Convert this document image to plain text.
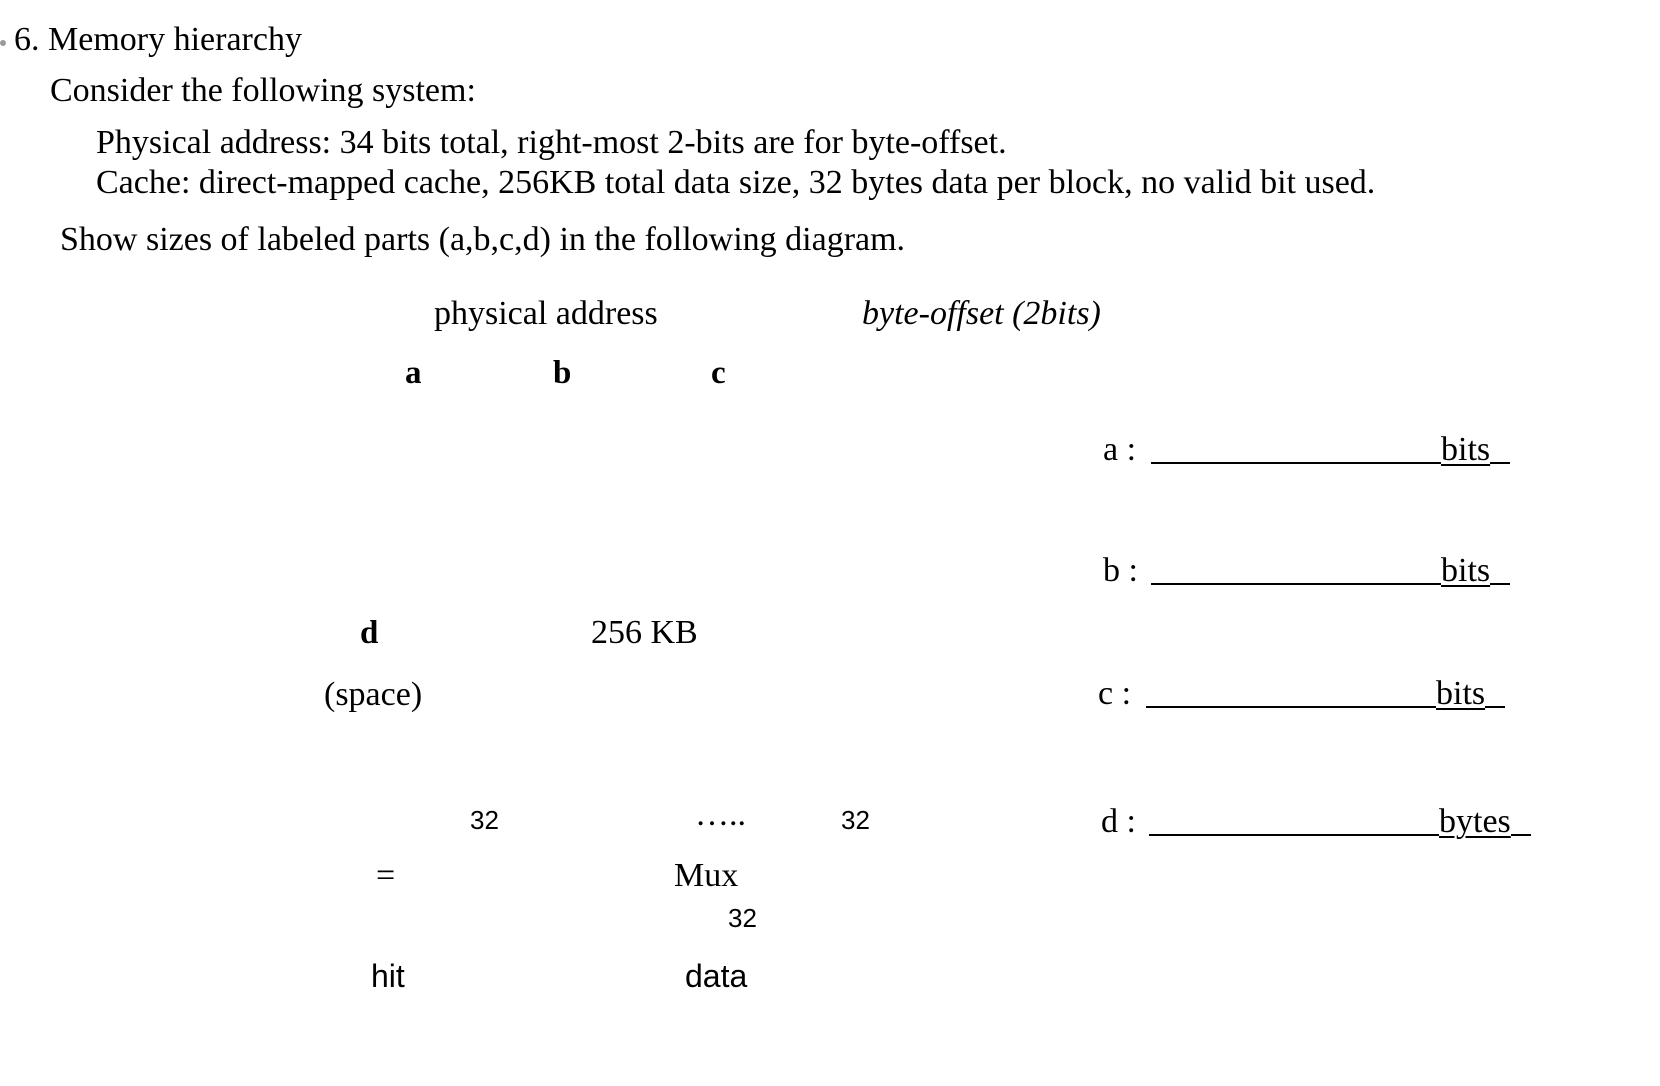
6. Memory hierarchy
Consider the following system:
Physical address: 34 bits total, right-most 2-bits are for byte-offset.
Cache: direct-mapped cache, 256KB total data size, 32 bytes data per block, no valid bit used.
Show sizes of labeled parts (a,b,c,d) in the following diagram.
physical address	byte-offset (2bits)
a	b	c
d
(space)
256 KB
32	…..	32
=	Mux
32
hit	data
a :	bits
b :	bits
c :	bits
d :	bytes
